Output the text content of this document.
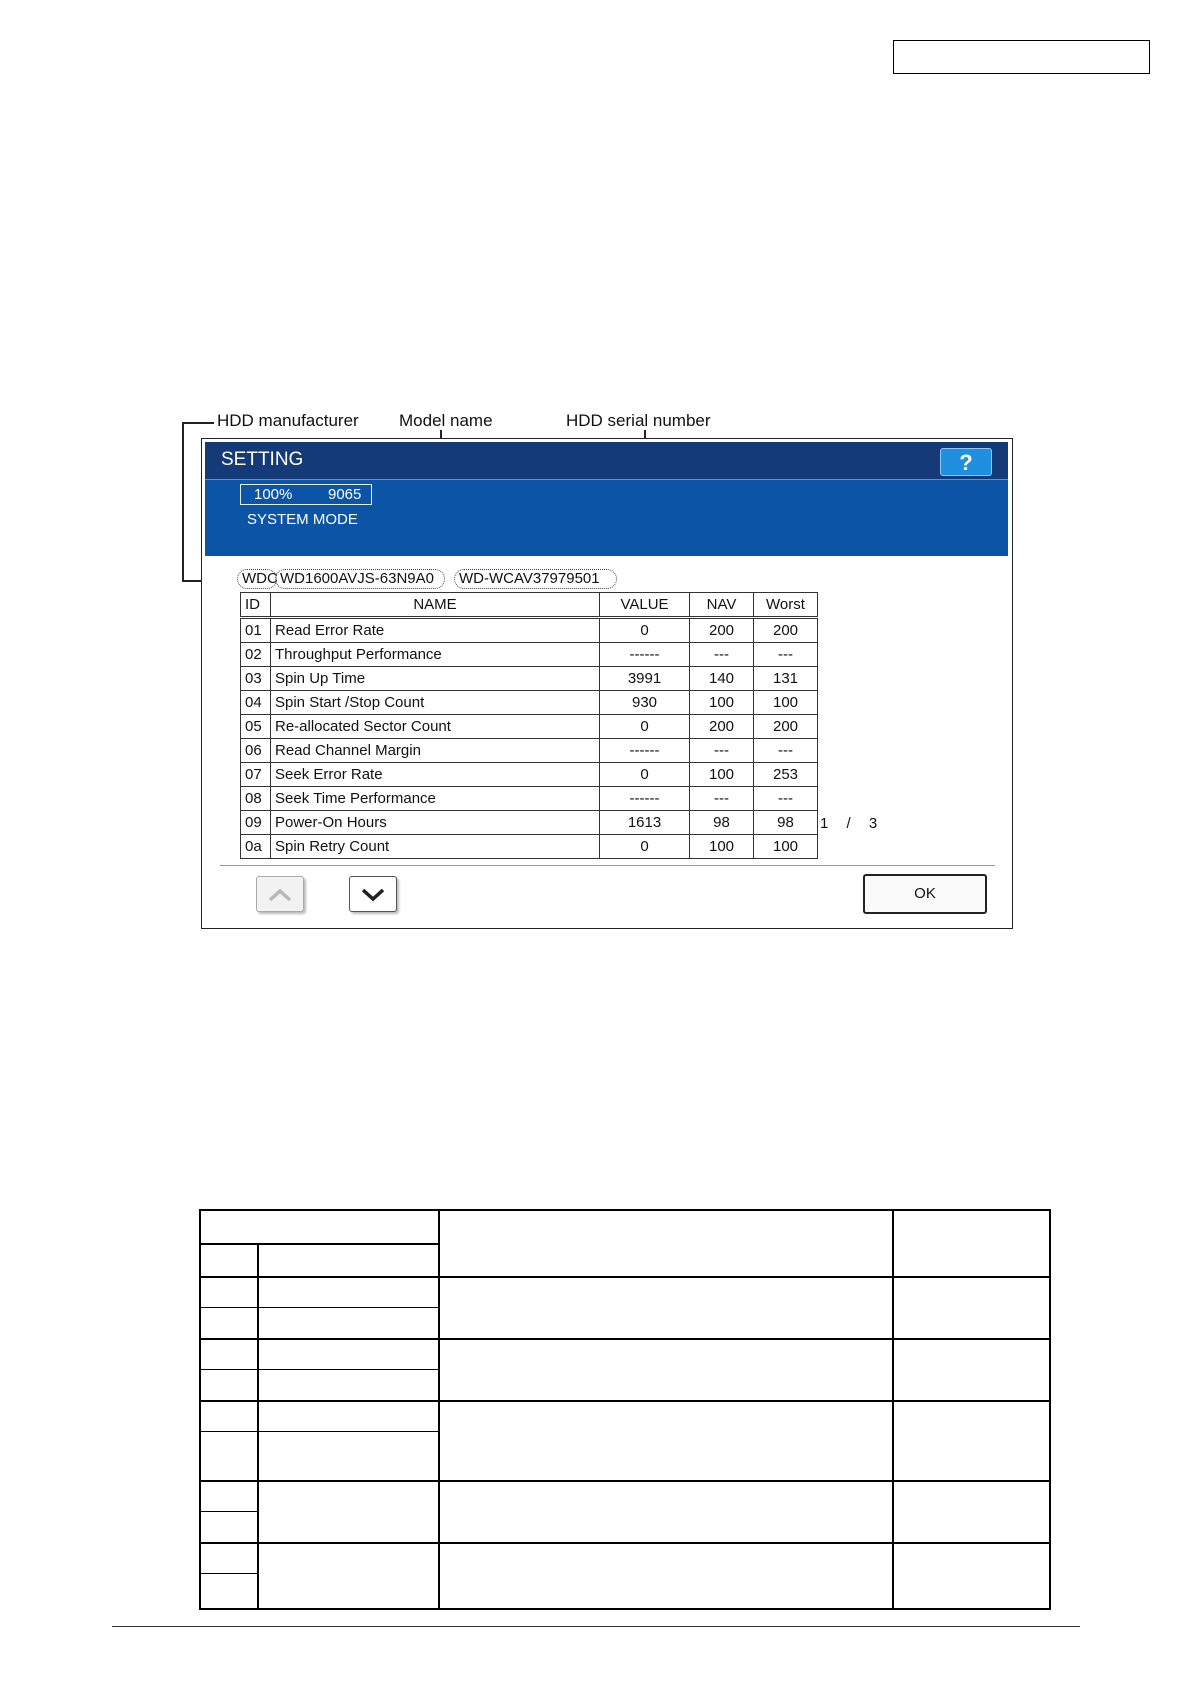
HDD manufacturer Model name	HDD serial number
SETTING	?
100% 9065
SYSTEM MODE
WDC WD1600AVJS-63N9A0	WD-WCAV37979501
ID	NAME	VALUE	NAV	Worst
01	Read Error Rate	0	200	200
02	Throughput Performance	------	---	---
03	Spin Up Time	3991	140	131
04	Spin Start /Stop Count	930	100	100
05	Re-allocated Sector Count	0	200	200
06	Read Channel Margin	------	---	---
07	Seek Error Rate	0	100	253
08	Seek Time Performance	------	---	---
09	Power-On Hours	1613	98	98
0a	Spin Retry Count	0	100	100
1 / 3
OK
